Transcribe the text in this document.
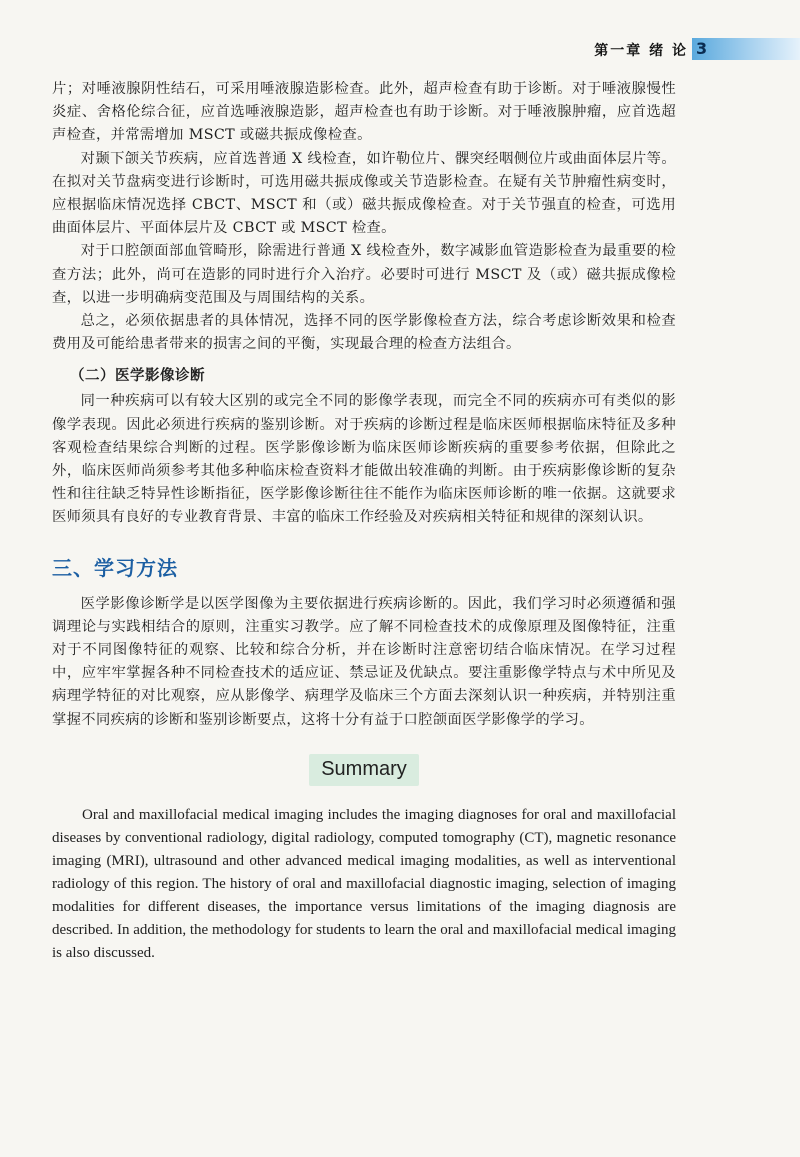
第一章 绪 论 3

片；对唾液腺阴性结石，可采用唾液腺造影检查。此外，超声检查有助于诊断。对于唾液腺慢性炎症、舍格伦综合征，应首选唾液腺造影，超声检查也有助于诊断。对于唾液腺肿瘤，应首选超声检查，并常需增加 MSCT 或磁共振成像检查。

对颞下颌关节疾病，应首选普通 X 线检查，如许勒位片、髁突经咽侧位片或曲面体层片等。在拟对关节盘病变进行诊断时，可选用磁共振成像或关节造影检查。在疑有关节肿瘤性病变时，应根据临床情况选择 CBCT、MSCT 和（或）磁共振成像检查。对于关节强直的检查，可选用曲面体层片、平面体层片及 CBCT 或 MSCT 检查。

对于口腔颌面部血管畸形，除需进行普通 X 线检查外，数字减影血管造影检查为最重要的检查方法；此外，尚可在造影的同时进行介入治疗。必要时可进行 MSCT 及（或）磁共振成像检查，以进一步明确病变范围及与周围结构的关系。

总之，必须依据患者的具体情况，选择不同的医学影像检查方法，综合考虑诊断效果和检查费用及可能给患者带来的损害之间的平衡，实现最合理的检查方法组合。

（二）医学影像诊断

同一种疾病可以有较大区别的或完全不同的影像学表现，而完全不同的疾病亦可有类似的影像学表现。因此必须进行疾病的鉴别诊断。对于疾病的诊断过程是临床医师根据临床特征及多种客观检查结果综合判断的过程。医学影像诊断为临床医师诊断疾病的重要参考依据，但除此之外，临床医师尚须参考其他多种临床检查资料才能做出较准确的判断。由于疾病影像诊断的复杂性和往往缺乏特异性诊断指征，医学影像诊断往往不能作为临床医师诊断的唯一依据。这就要求医师须具有良好的专业教育背景、丰富的临床工作经验及对疾病相关特征和规律的深刻认识。

三、学习方法

医学影像诊断学是以医学图像为主要依据进行疾病诊断的。因此，我们学习时必须遵循和强调理论与实践相结合的原则，注重实习教学。应了解不同检查技术的成像原理及图像特征，注重对于不同图像特征的观察、比较和综合分析，并在诊断时注意密切结合临床情况。在学习过程中，应牢牢掌握各种不同检查技术的适应证、禁忌证及优缺点。要注重影像学特点与术中所见及病理学特征的对比观察，应从影像学、病理学及临床三个方面去深刻认识一种疾病，并特别注重掌握不同疾病的诊断和鉴别诊断要点，这将十分有益于口腔颌面医学影像学的学习。

Summary

Oral and maxillofacial medical imaging includes the imaging diagnoses for oral and maxillofacial diseases by conventional radiology, digital radiology, computed tomography (CT), magnetic resonance imaging (MRI), ultrasound and other advanced medical imaging modalities, as well as interventional radiology of this region. The history of oral and maxillofacial diagnostic imaging, selection of imaging modalities for different diseases, the importance versus limitations of the imaging diagnosis are described. In addition, the methodology for students to learn the oral and maxillofacial medical imaging is also discussed.
